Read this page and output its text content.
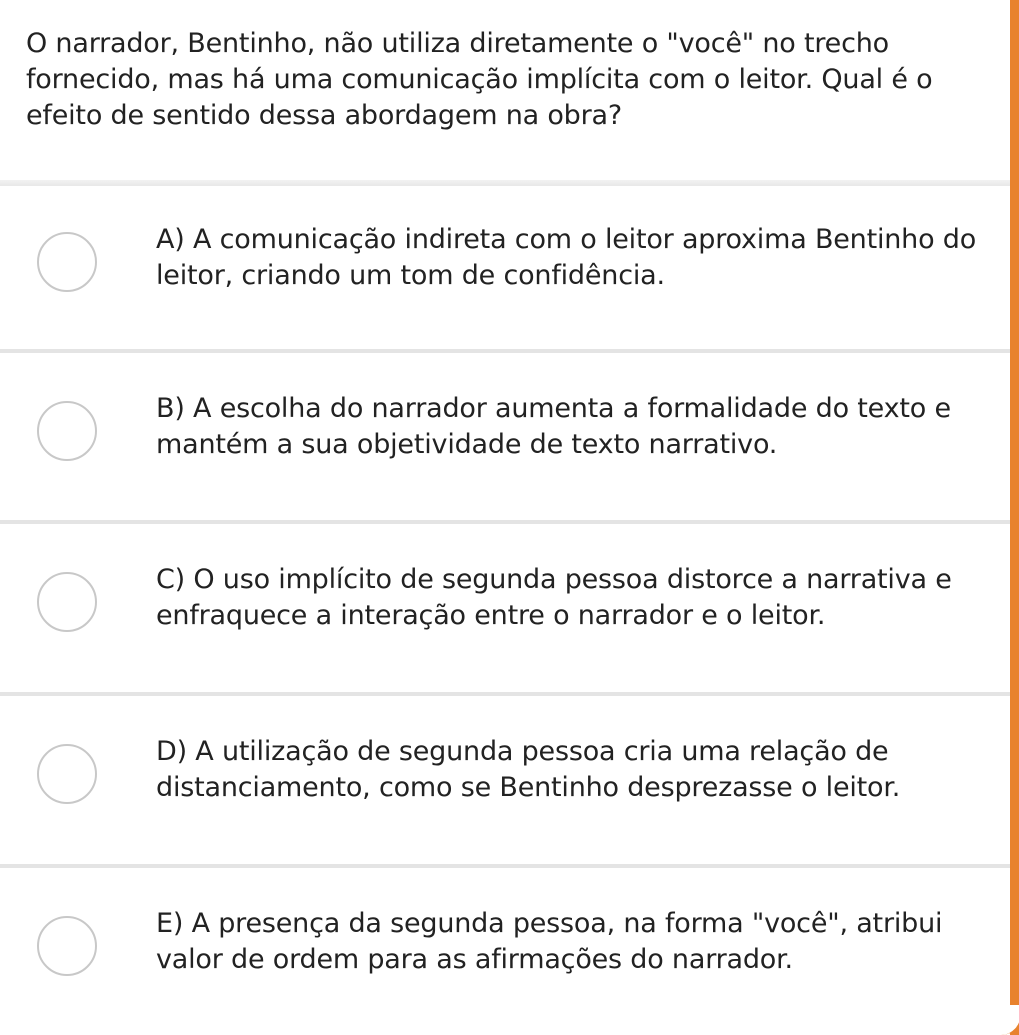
O narrador, Bentinho, não utiliza diretamente o "você" no trecho fornecido, mas há uma comunicação implícita com o leitor. Qual é o efeito de sentido dessa abordagem na obra?
A) A comunicação indireta com o leitor aproxima Bentinho do leitor, criando um tom de confidência.
B) A escolha do narrador aumenta a formalidade do texto e mantém a sua objetividade de texto narrativo.
C) O uso implícito de segunda pessoa distorce a narrativa e enfraquece a interação entre o narrador e o leitor.
D) A utilização de segunda pessoa cria uma relação de distanciamento, como se Bentinho desprezasse o leitor.
E) A presença da segunda pessoa, na forma "você", atribui valor de ordem para as afirmações do narrador.
